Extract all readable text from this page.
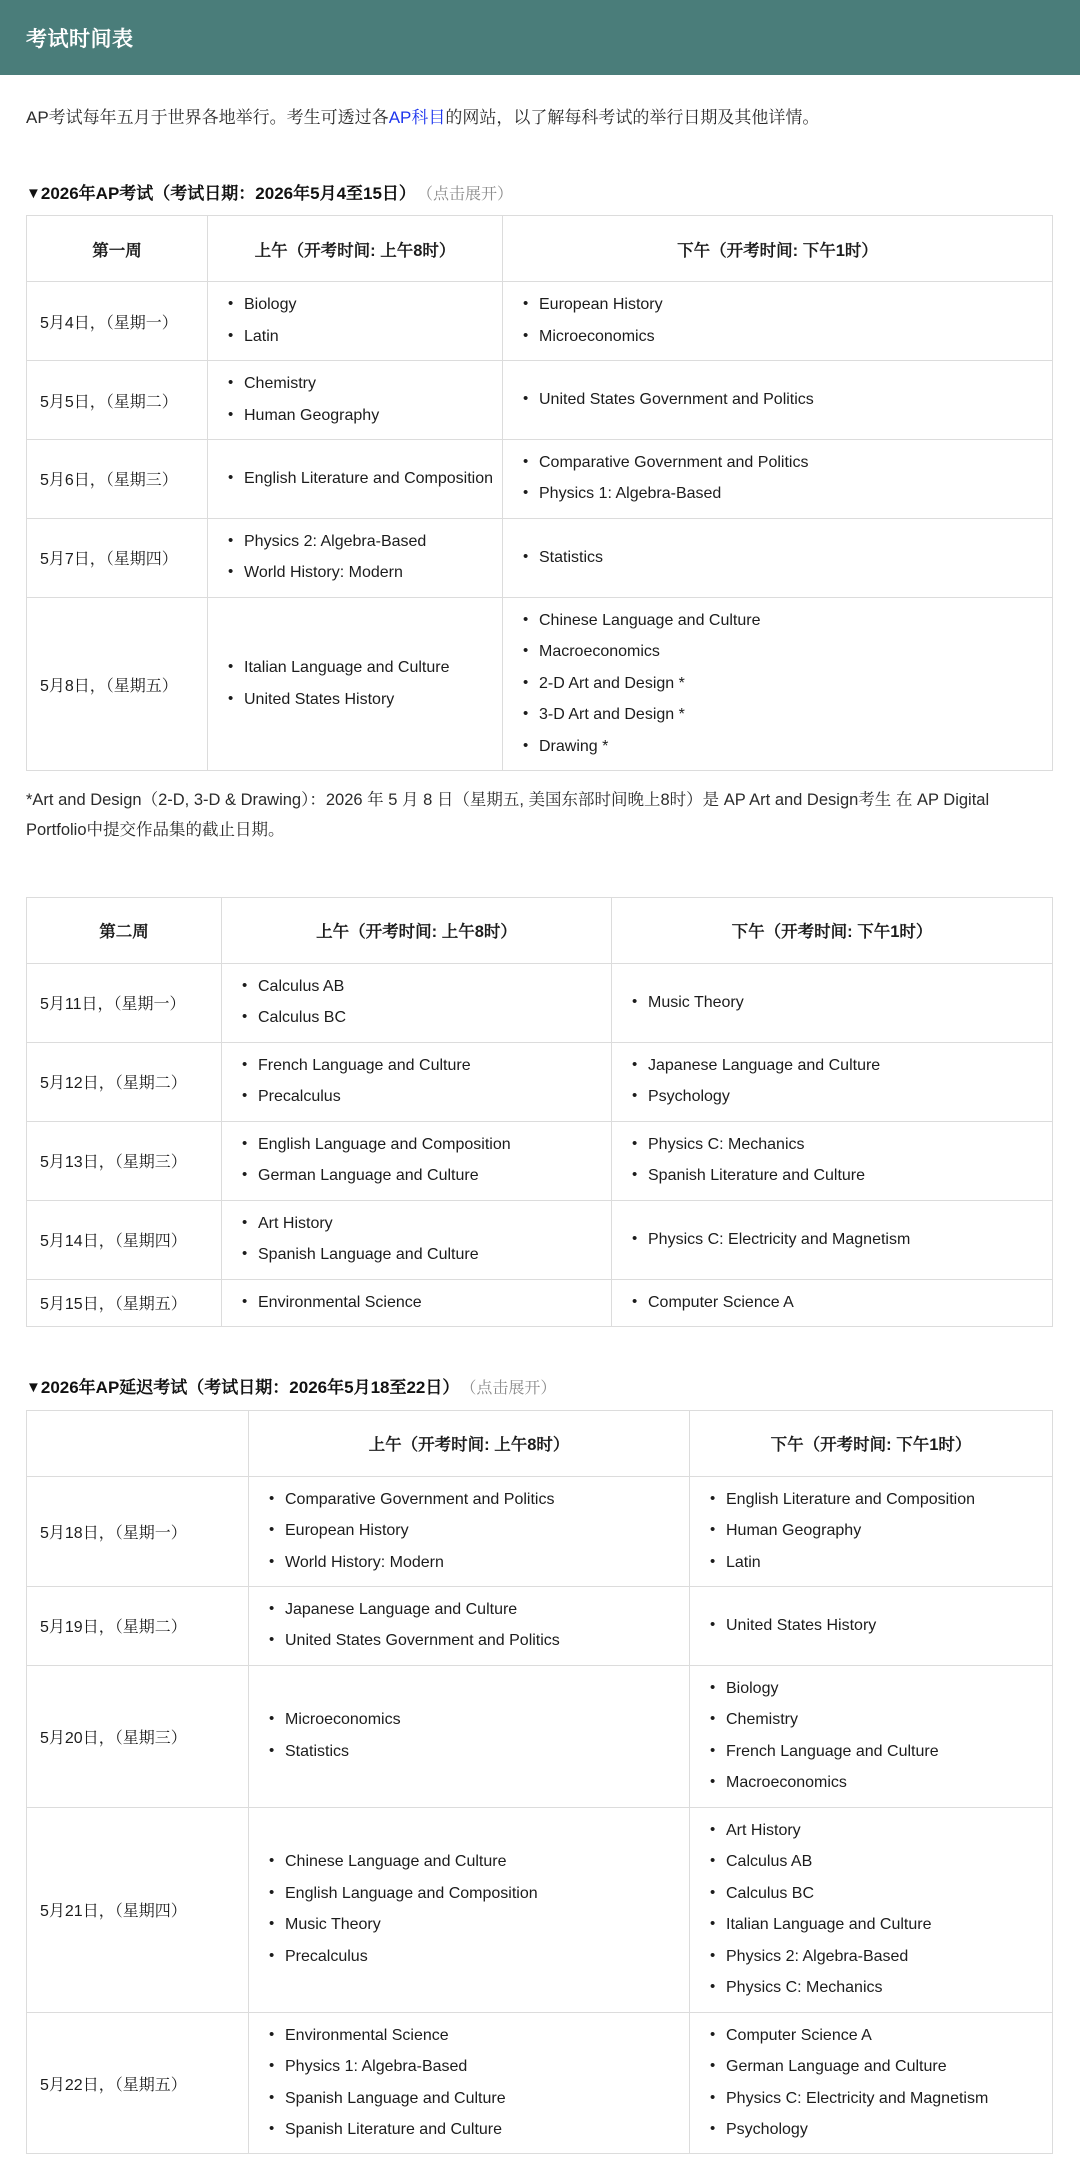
考试时间表

AP考试每年五月于世界各地举行。考生可透过各AP科目的网站，以了解每科考试的举行日期及其他详情。

▼2026年AP考试（考试日期：2026年5月4至15日） （点击展开）
第一周	上午（开考时间: 上午8时）	下午（开考时间: 下午1时）
5月4日，（星期一）	
• Biology
• Latin

• European History
• Microeconomics

5月5日，（星期二）	
• Chemistry
• Human Geography

• United States Government and Politics

5月6日，（星期三）	
•English Literature and Composition

• Comparative Government and Politics
• Physics 1: Algebra-Based

5月7日，（星期四）	
• Physics 2: Algebra-Based
• World History: Modern

• Statistics

5月8日，（星期五）	
• Italian Language and Culture
• United States History

• Chinese Language and Culture
• Macroeconomics
• 2-D Art and Design *
• 3-D Art and Design *
• Drawing *

*Art and Design（2-D, 3-D & Drawing）：2026 年 5 月 8 日（星期五, 美国东部时间晚上8时）是 AP Art and Design考生 在 AP Digital Portfolio中提交作品集的截止日期。

第二周	上午（开考时间: 上午8时）	下午（开考时间: 下午1时）
5月11日，（星期一）	
• Calculus AB
• Calculus BC

• Music Theory

5月12日，（星期二）	
• French Language and Culture
• Precalculus

• Japanese Language and Culture
• Psychology

5月13日，（星期三）	
• English Language and Composition
• German Language and Culture

• Physics C: Mechanics
• Spanish Literature and Culture

5月14日，（星期四）	
• Art History
• Spanish Language and Culture

• Physics C: Electricity and Magnetism

5月15日，（星期五）	
•Environmental Science

•Computer Science A
▼2026年AP延迟考试（考试日期：2026年5月18至22日） （点击展开）
	上午（开考时间: 上午8时）	下午（开考时间: 下午1时）
5月18日，（星期一）	
• Comparative Government and Politics
• European History
• World History: Modern

• English Literature and Composition
• Human Geography
• Latin

5月19日，（星期二）	
• Japanese Language and Culture
• United States Government and Politics

• United States History

5月20日，（星期三）	
• Microeconomics
• Statistics

• Biology
• Chemistry
• French Language and Culture
• Macroeconomics

5月21日，（星期四）	
• Chinese Language and Culture
• English Language and Composition
• Music Theory
• Precalculus

• Art History
• Calculus AB
• Calculus BC
• Italian Language and Culture
• Physics 2: Algebra-Based
• Physics C: Mechanics

5月22日，（星期五）	
• Environmental Science
• Physics 1: Algebra-Based
• Spanish Language and Culture
• Spanish Literature and Culture

• Computer Science A
• German Language and Culture
• Physics C: Electricity and Magnetism
• Psychology
